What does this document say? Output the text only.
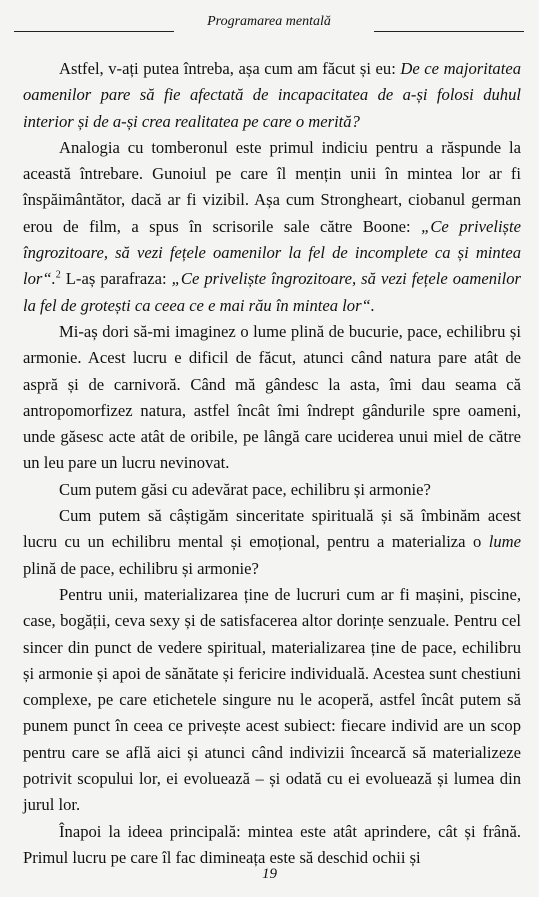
Programarea mentală

Astfel, v-ați putea întreba, așa cum am făcut și eu: De ce majoritatea oamenilor pare să fie afectată de incapacitatea de a-și folosi duhul interior și de a-și crea realitatea pe care o merită?

Analogia cu tomberonul este primul indiciu pentru a răspunde la această întrebare. Gunoiul pe care îl mențin unii în mintea lor ar fi înspăimântător, dacă ar fi vizibil. Așa cum Strongheart, ciobanul german erou de film, a spus în scrisorile sale către Boone: „Ce priveliște îngrozitoare, să vezi fețele oamenilor la fel de incomplete ca și mintea lor“.$^2$ L-aș parafraza: „Ce priveliște îngrozitoare, să vezi fețele oamenilor la fel de grotești ca ceea ce e mai rău în mintea lor“.

Mi-aș dori să-mi imaginez o lume plină de bucurie, pace, echilibru și armonie. Acest lucru e dificil de făcut, atunci când natura pare atât de aspră și de carnivoră. Când mă gândesc la asta, îmi dau seama că antropomorfizez natura, astfel încât îmi îndrept gândurile spre oameni, unde găsesc acte atât de oribile, pe lângă care uciderea unui miel de către un leu pare un lucru nevinovat.

Cum putem găsi cu adevărat pace, echilibru și armonie?

Cum putem să câștigăm sinceritate spirituală și să îmbinăm acest lucru cu un echilibru mental și emoțional, pentru a materializa o lume plină de pace, echilibru și armonie?

Pentru unii, materializarea ține de lucruri cum ar fi mașini, piscine, case, bogății, ceva sexy și de satisfacerea altor dorințe senzuale. Pentru cel sincer din punct de vedere spiritual, materializarea ține de pace, echilibru și armonie și apoi de sănătate și fericire individuală. Acestea sunt chestiuni complexe, pe care etichetele singure nu le acoperă, astfel încât putem să punem punct în ceea ce privește acest subiect: fiecare individ are un scop pentru care se află aici și atunci când indivizii încearcă să materializeze potrivit scopului lor, ei evoluează – și odată cu ei evoluează și lumea din jurul lor.

Înapoi la ideea principală: mintea este atât aprindere, cât și frână. Primul lucru pe care îl fac dimineața este să deschid ochii și

19
